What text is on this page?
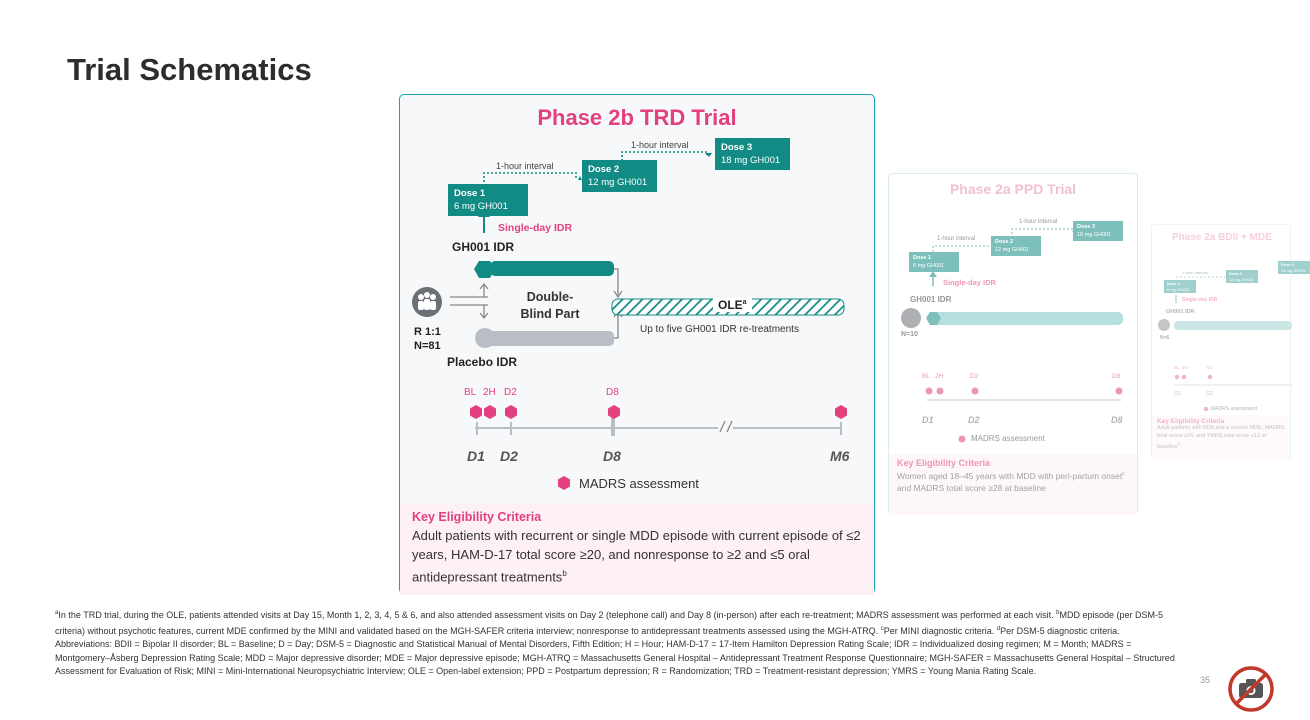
Trial Schematics
Phase 2b TRD Trial
1-hour interval
1-hour interval
Dose 1
6 mg GH001
Dose 2
12 mg GH001
Dose 3
18 mg GH001
Single-day IDR
GH001 IDR
Placebo IDR
R 1:1
N=81
Double-
Blind Part
OLE$^a$
Up to five GH001 IDR re-treatments
BL 2H D2	D8
D1 D2	D8	M6
MADRS assessment
Key Eligibility Criteria
Adult patients with recurrent or single MDD episode with current episode of ≤2 years, HAM-D-17 total score ≥20, and nonresponse to ≥2 and ≤5 oral antidepressant treatments$^b$
Phase 2a PPD Trial
1-hour interval
1-hour interval
Dose 1
6 mg GH001
Dose 2
12 mg GH001
Dose 3
18 mg GH001
Single-day IDR
GH001 IDR
N=10
BL 2H	D2	D8
D1	D2	D8
MADRS assessment
Key Eligibility Criteria
Women aged 18–45 years with MDD with peri-partum onset$^c$ and MADRS total score ≥28 at baseline
Phase 2a BDII + MDE
Dose 1
6 mg GH001
Dose 2
12 mg GH001
Dose 3
18 mg GH001
1-hour interval
Single-day IDR
GH001 IDR
N=6
BL 2H	D2
D1	D2
MADRS assessment
Key Eligibility Criteria
Adult patients with BDII and a current MDE, MADRS total score ≥24, and YMRS total score ≤12 at baseline$^d$
$^a$In the TRD trial, during the OLE, patients attended visits at Day 15, Month 1, 2, 3, 4, 5 & 6, and also attended assessment visits on Day 2 (telephone call) and Day 8 (in-person) after each re-treatment; MADRS assessment was performed at each visit. $^b$MDD episode (per DSM-5 criteria) without psychotic features, current MDE confirmed by the MINI and validated based on the MGH-SAFER criteria interview; nonresponse to antidepressant treatments assessed using the MGH-ATRQ. $^c$Per MINI diagnostic criteria. $^d$Per DSM-5 diagnostic criteria.
Abbreviations: BDII = Bipolar II disorder; BL = Baseline; D = Day; DSM-5 = Diagnostic and Statistical Manual of Mental Disorders, Fifth Edition; H = Hour; HAM-D-17 = 17-Item Hamilton Depression Rating Scale; IDR = Individualized dosing regimen; M = Month; MADRS = Montgomery–Åsberg Depression Rating Scale; MDD = Major depressive disorder; MDE = Major depressive episode; MGH-ATRQ = Massachusetts General Hospital – Antidepressant Treatment Response Questionnaire; MGH-SAFER = Massachusetts General Hospital – Structured Assessment for Evaluation of Risk; MINI = Mini-International Neuropsychiatric Interview; OLE = Open-label extension; PPD = Postpartum depression; R = Randomization; TRD = Treatment-resistant depression; YMRS = Young Mania Rating Scale.
35
